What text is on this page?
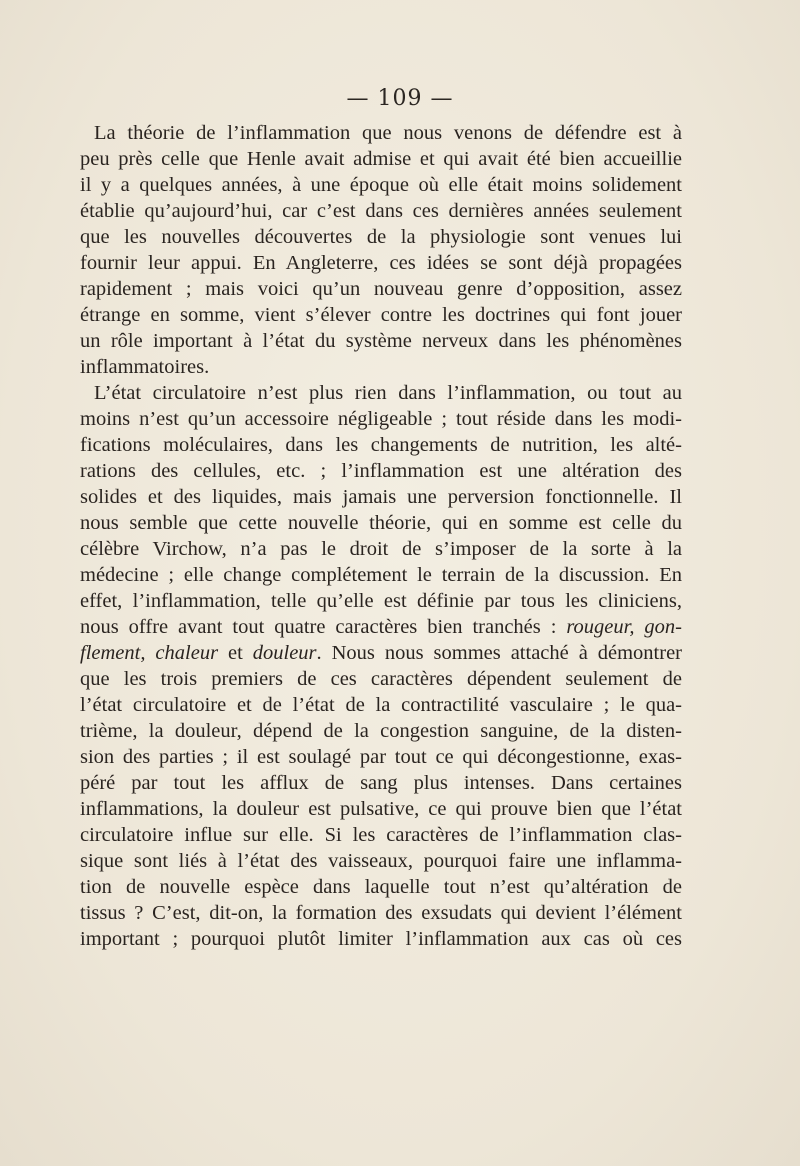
— 109 —
La théorie de l’inflammation que nous venons de défendre est à
peu près celle que Henle avait admise et qui avait été bien accueillie
il y a quelques années, à une époque où elle était moins solidement
établie qu’aujourd’hui, car c’est dans ces dernières années seulement
que les nouvelles découvertes de la physiologie sont venues lui
fournir leur appui. En Angleterre, ces idées se sont déjà propagées
rapidement ; mais voici qu’un nouveau genre d’opposition, assez
étrange en somme, vient s’élever contre les doctrines qui font jouer
un rôle important à l’état du système nerveux dans les phénomènes
inflammatoires.
L’état circulatoire n’est plus rien dans l’inflammation, ou tout au
moins n’est qu’un accessoire négligeable ; tout réside dans les modi-
fications moléculaires, dans les changements de nutrition, les alté-
rations des cellules, etc. ; l’inflammation est une altération des
solides et des liquides, mais jamais une perversion fonctionnelle. Il
nous semble que cette nouvelle théorie, qui en somme est celle du
célèbre Virchow, n’a pas le droit de s’imposer de la sorte à la
médecine ; elle change complétement le terrain de la discussion. En
effet, l’inflammation, telle qu’elle est définie par tous les cliniciens,
nous offre avant tout quatre caractères bien tranchés : rougeur, gon-
flement, chaleur et douleur. Nous nous sommes attaché à démontrer
que les trois premiers de ces caractères dépendent seulement de
l’état circulatoire et de l’état de la contractilité vasculaire ; le qua-
trième, la douleur, dépend de la congestion sanguine, de la disten-
sion des parties ; il est soulagé par tout ce qui décongestionne, exas-
péré par tout les afflux de sang plus intenses. Dans certaines
inflammations, la douleur est pulsative, ce qui prouve bien que l’état
circulatoire influe sur elle. Si les caractères de l’inflammation clas-
sique sont liés à l’état des vaisseaux, pourquoi faire une inflamma-
tion de nouvelle espèce dans laquelle tout n’est qu’altération de
tissus ? C’est, dit-on, la formation des exsudats qui devient l’élément
important ; pourquoi plutôt limiter l’inflammation aux cas où ces
